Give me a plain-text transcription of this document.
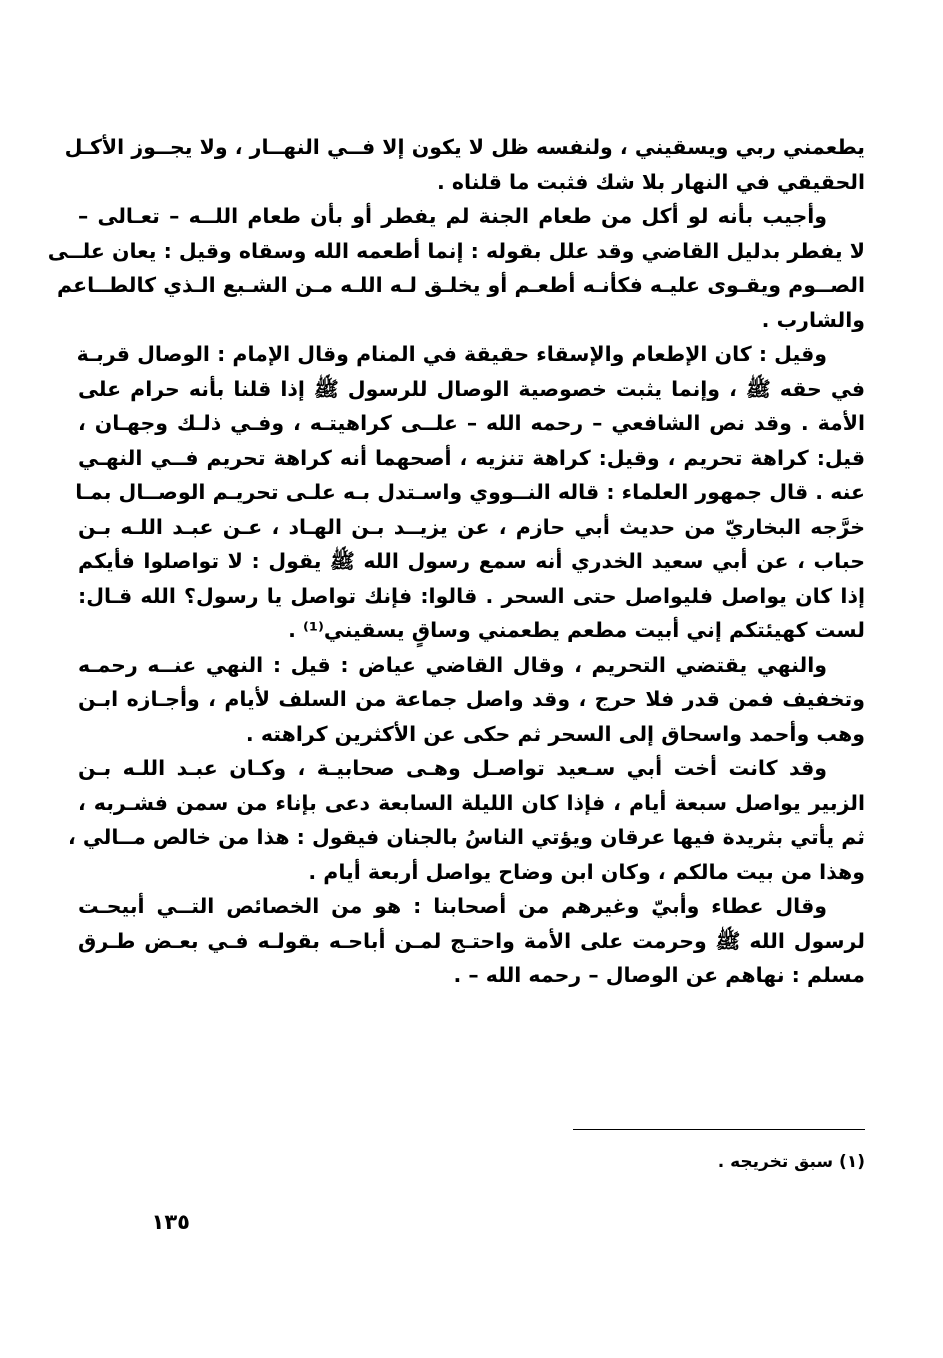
يطعمني ربي ويسقيني ، ولنفسه ظل لا يكون إلا فــي النهــار ، ولا يجــوز الأكـل
الحقيقي في النهار بلا شك فثبت ما قلناه .
وأجيب بأنه لو أكل من طعام الجنة لم يفطر أو بأن طعام اللــه – تعـالى –
لا يفطر بدليل القاضي وقد علل بقوله : إنما أطعمه الله وسقاه وقيل : يعان علــى
الصــوم ويقـوى عليـه فكأنـه أطعـم أو يخلـق لـه اللـه مـن الشـبع الـذي كالطــاعم
والشارب .
وقيل : كان الإطعام والإسقاء حقيقة في المنام وقال الإمام : الوصال قربـة
في حقه ﷺ ، وإنما يثبت خصوصية الوصال للرسول ﷺ إذا قلنا بأنه حرام على
الأمة . وقد نص الشافعي – رحمه الله – علــى كراهيتـه ، وفـي ذلـك وجهـان ،
قيل: كراهة تحريم ، وقيل: كراهة تنزيه ، أصحهما أنه كراهة تحريم فــي النهـي
عنه . قال جمهور العلماء : قاله النــووي واسـتدل بـه علـى تحريـم الوصــال بمـا
خرَّجه البخاريّ من حديث أبي حازم ، عن يزيــد بـن الهـاد ، عـن عبـد اللـه بـن
حباب ، عن أبي سعيد الخدري أنه سمع رسول الله ﷺ يقول : لا تواصلوا فأيكم
إذا كان يواصل فليواصل حتى السحر . قالوا: فإنك تواصل يا رسول؟ الله قـال:
لست كهيئتكم إني أبيت مطعم يطعمني وساقٍ يسقيني⁽¹⁾ .
والنهي يقتضي التحريم ، وقال القاضي عياض : قيل : النهي عنــه رحمـه
وتخفيف فمن قدر فلا حرج ، وقد واصل جماعة من السلف لأيام ، وأجـازه ابـن
وهب وأحمد واسحاق إلى السحر ثم حكى عن الأكثرين كراهته .
وقد كانت أخت أبي سـعيد تواصـل وهـى صحابيـة ، وكـان عبـد اللـه بـن
الزبير يواصل سبعة أيام ، فإذا كان الليلة السابعة دعى بإناء من سمن فشـربه ،
ثم يأتي بثريدة فيها عرقان ويؤتي الناسُ بالجنان فيقول : هذا من خالص مــالي ،
وهذا من بيت مالكم ، وكان ابن وضاح يواصل أربعة أيام .
وقال عطاء وأبيّ وغيرهم من أصحابنا : هو من الخصائص التــي أبيحـت
لرسول الله ﷺ وحرمت على الأمة واحتـج لمـن أباحـه بقولـه فـي بعـض طـرق
مسلم : نهاهم عن الوصال – رحمه الله – .
(١) سبق تخريجه .
١٣٥
